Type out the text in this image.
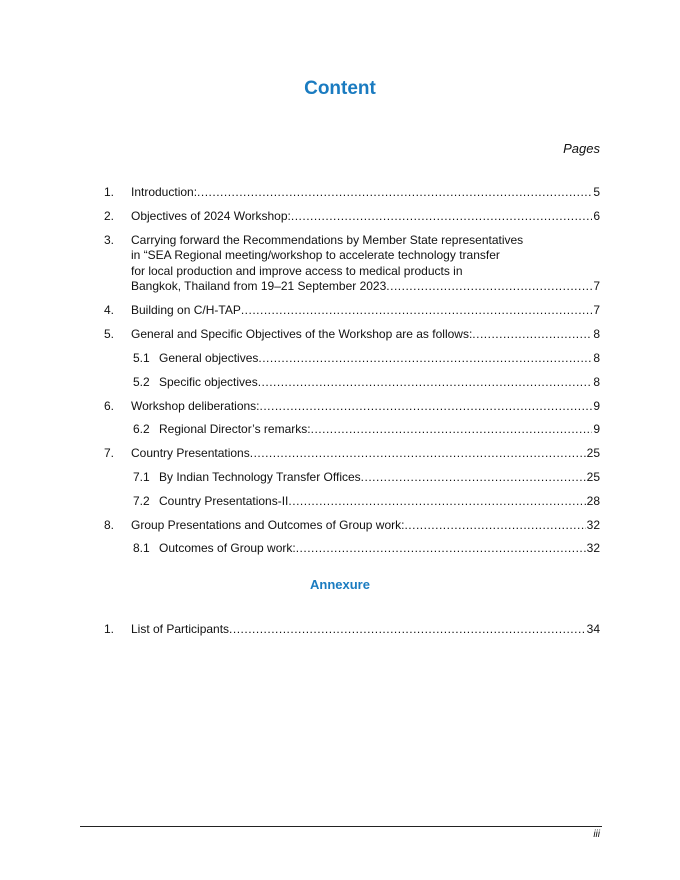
Content
Pages
1.	Introduction: .....	5
2.	Objectives of 2024 Workshop: .....	6
3.	Carrying forward the Recommendations by Member State representatives
in “SEA Regional meeting/workshop to accelerate technology transfer
for local production and improve access to medical products in
Bangkok, Thailand from 19–21 September 2023 .....	7
4.	Building on C/H-TAP .....	7
5.	General and Specific Objectives of the Workshop are as follows: .....	8
5.1 General objectives .....	8
5.2 Specific objectives .....	8
6.	Workshop deliberations: .....	9
6.2 Regional Director’s remarks: .....	9
7.	Country Presentations .....	25
7.1 By Indian Technology Transfer Offices .....	25
7.2 Country Presentations-II .....	28
8.	Group Presentations and Outcomes of Group work: .....	32
8.1 Outcomes of Group work: .....	32
Annexure
1.	List of Participants .....	34
iii
